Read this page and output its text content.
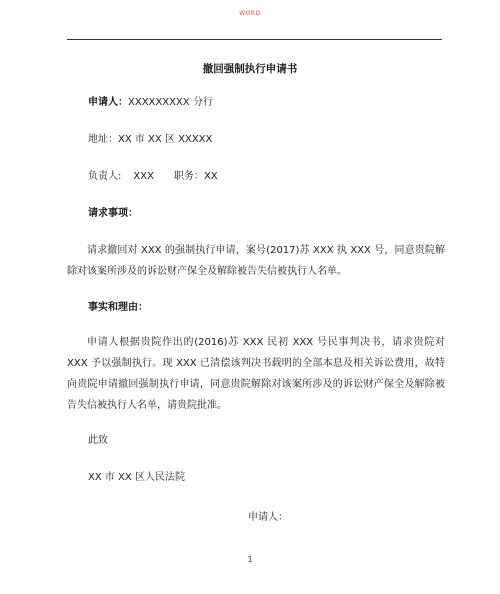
WORD
撤回强制执行申请书
申请人：XXXXXXXXX 分行
地址：XX 市 XX 区 XXXXX
负责人: XXX 职务：XX
请求事项：
请求撤回对 XXX 的强制执行申请，案号(2017)苏 XXX 执 XXX 号，同意贵院解除对该案所涉及的诉讼财产保全及解除被告失信被执行人名单。
事实和理由：
申请人根据贵院作出的(2016)苏 XXX 民初 XXX 号民事判决书，请求贵院对 XXX 予以强制执行。现 XXX 已清偿该判决书载明的全部本息及相关诉讼费用，故特向贵院申请撤回强制执行申请，同意贵院解除对该案所涉及的诉讼财产保全及解除被告失信被执行人名单，请贵院批准。
此致
XX 市 XX 区人民法院
申请人：
1
